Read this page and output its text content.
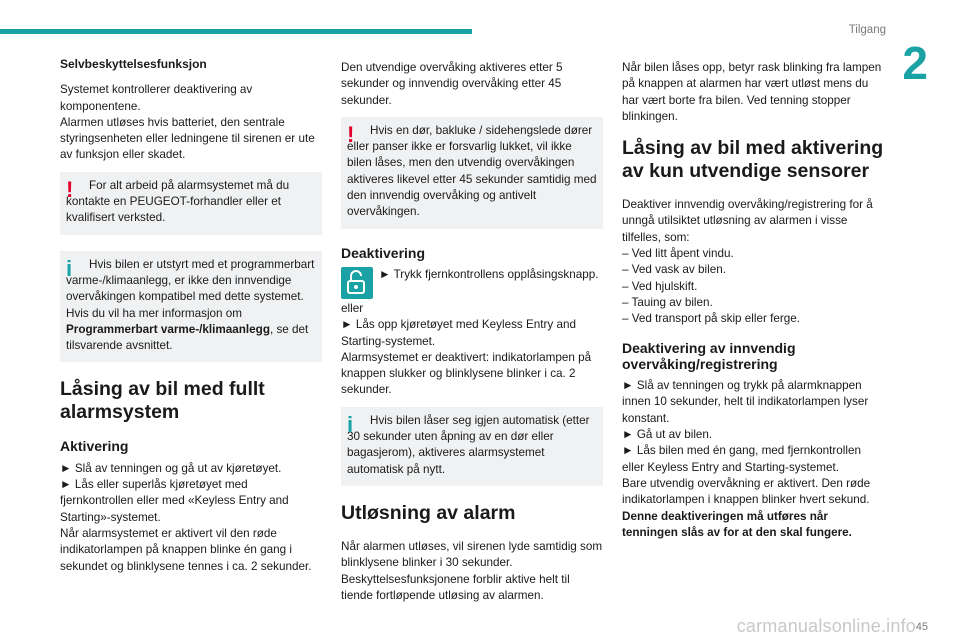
Tilgang
2
Selvbeskyttelsesfunksjon
Systemet kontrollerer deaktivering av komponentene.
Alarmen utløses hvis batteriet, den sentrale styringsenheten eller ledningene til sirenen er ute av funksjon eller skadet.
!	For alt arbeid på alarmsystemet må du kontakte en PEUGEOT-forhandler eller et kvalifisert verksted.
i	Hvis bilen er utstyrt med et programmerbart varme-/klimaanlegg, er ikke den innvendige overvåkingen kompatibel med dette systemet.
Hvis du vil ha mer informasjon om Programmerbart varme-/klimaanlegg, se det tilsvarende avsnittet.
Låsing av bil med fullt alarmsystem
Aktivering
► Slå av tenningen og gå ut av kjøretøyet.
► Lås eller superlås kjøretøyet med fjernkontrollen eller med «Keyless Entry and Starting»-systemet.
Når alarmsystemet er aktivert vil den røde indikatorlampen på knappen blinke én gang i sekundet og blinklysene tennes i ca. 2 sekunder.
Den utvendige overvåking aktiveres etter 5 sekunder og innvendig overvåking etter 45 sekunder.
!	Hvis en dør, bakluke / sidehengslede dører eller panser ikke er forsvarlig lukket, vil ikke bilen låses, men den utvendig overvåkingen aktiveres likevel etter 45 sekunder samtidig med den innvendig overvåking og antivelt overvåkingen.
Deaktivering
► Trykk fjernkontrollens opplåsingsknapp.
eller
► Lås opp kjøretøyet med Keyless Entry and Starting-systemet.
Alarmsystemet er deaktivert: indikatorlampen på knappen slukker og blinklysene blinker i ca. 2 sekunder.
i	Hvis bilen låser seg igjen automatisk (etter 30 sekunder uten åpning av en dør eller bagasjerom), aktiveres alarmsystemet automatisk på nytt.
Utløsning av alarm
Når alarmen utløses, vil sirenen lyde samtidig som blinklysene blinker i 30 sekunder.
Beskyttelsesfunksjonene forblir aktive helt til tiende fortløpende utløsing av alarmen.
Når bilen låses opp, betyr rask blinking fra lampen på knappen at alarmen har vært utløst mens du har vært borte fra bilen. Ved tenning stopper blinkingen.
Låsing av bil med aktivering av kun utvendige sensorer
Deaktiver innvendig overvåking/registrering for å unngå utilsiktet utløsning av alarmen i visse tilfelles, som:
– Ved litt åpent vindu.
– Ved vask av bilen.
– Ved hjulskift.
– Tauing av bilen.
– Ved transport på skip eller ferge.
Deaktivering av innvendig overvåking/registrering
► Slå av tenningen og trykk på alarmknappen innen 10 sekunder, helt til indikatorlampen lyser konstant.
► Gå ut av bilen.
► Lås bilen med én gang, med fjernkontrollen eller Keyless Entry and Starting-systemet.
Bare utvendig overvåkning er aktivert. Den røde indikatorlampen i knappen blinker hvert sekund.
Denne deaktiveringen må utføres når tenningen slås av for at den skal fungere.
carmanualsonline.info 45
